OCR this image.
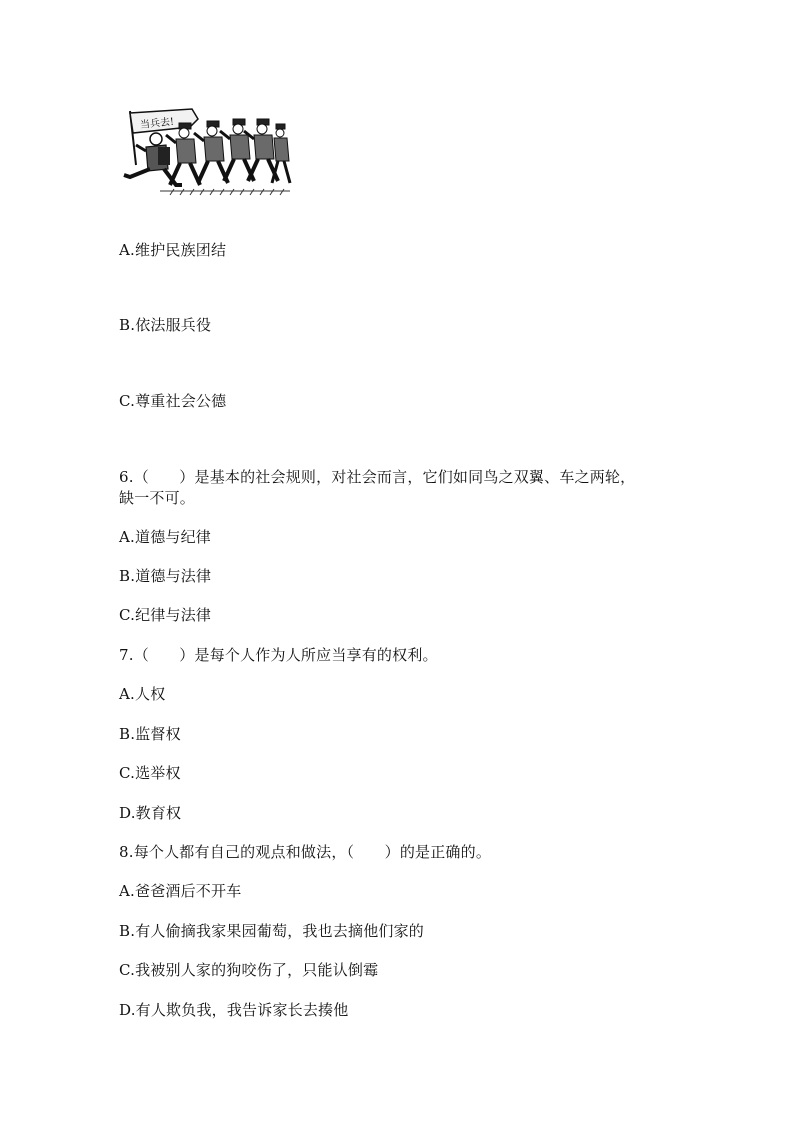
当兵去!
A.维护民族团结
B.依法服兵役
C.尊重社会公德
6.（　　）是基本的社会规则，对社会而言，它们如同鸟之双翼、车之两轮，
缺一不可。
A.道德与纪律
B.道德与法律
C.纪律与法律
7.（　　）是每个人作为人所应当享有的权利。
A.人权
B.监督权
C.选举权
D.教育权
8.每个人都有自己的观点和做法，（　　）的是正确的。
A.爸爸酒后不开车
B.有人偷摘我家果园葡萄，我也去摘他们家的
C.我被别人家的狗咬伤了，只能认倒霉
D.有人欺负我，我告诉家长去揍他
